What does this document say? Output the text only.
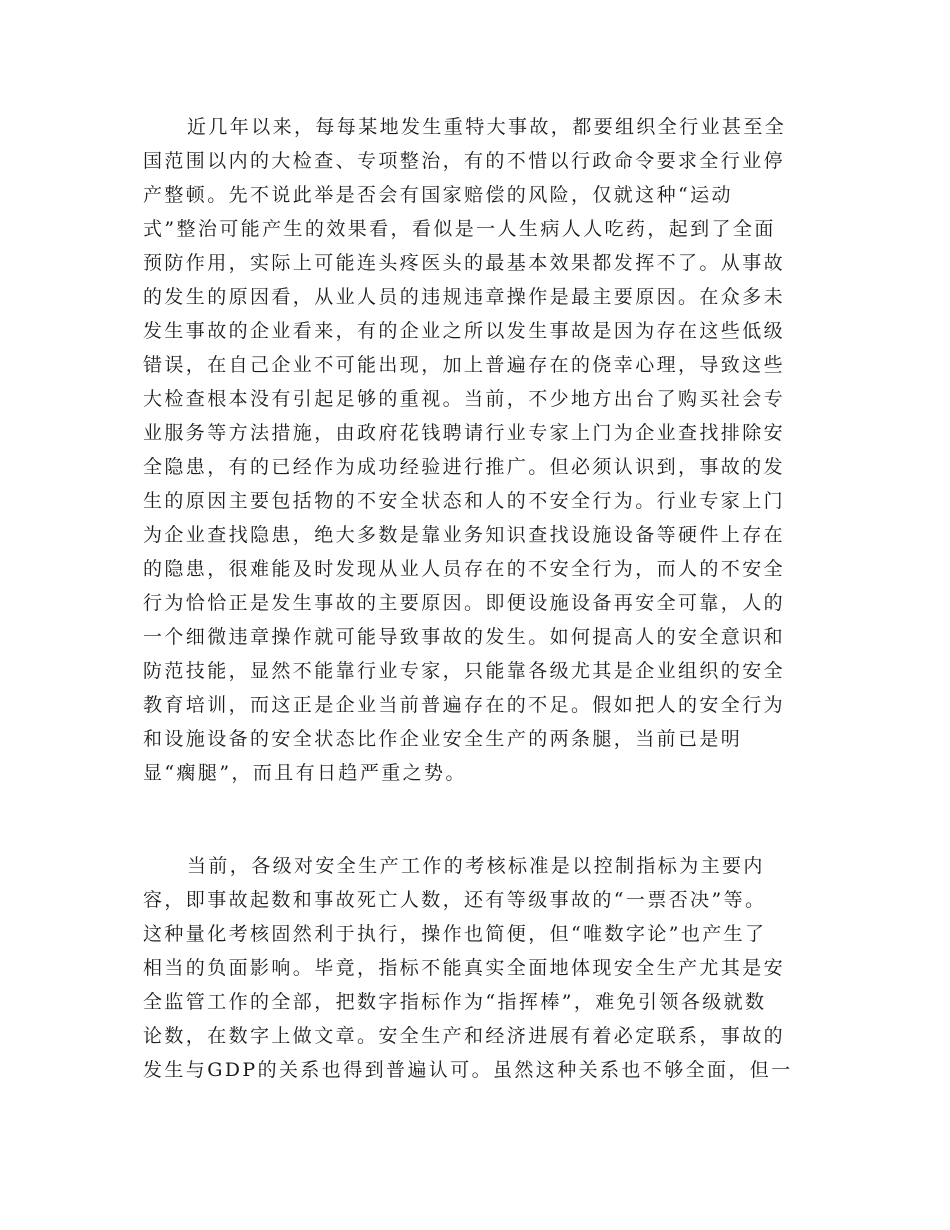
近几年以来，每每某地发生重特大事故，都要组织全行业甚至全
国范围以内的大检查、专项整治，有的不惜以行政命令要求全行业停
产整顿。先不说此举是否会有国家赔偿的风险，仅就这种“运动
式”整治可能产生的效果看，看似是一人生病人人吃药，起到了全面
预防作用，实际上可能连头疼医头的最基本效果都发挥不了。从事故
的发生的原因看，从业人员的违规违章操作是最主要原因。在众多未
发生事故的企业看来，有的企业之所以发生事故是因为存在这些低级
错误，在自己企业不可能出现，加上普遍存在的侥幸心理，导致这些
大检查根本没有引起足够的重视。当前，不少地方出台了购买社会专
业服务等方法措施，由政府花钱聘请行业专家上门为企业查找排除安
全隐患，有的已经作为成功经验进行推广。但必须认识到，事故的发
生的原因主要包括物的不安全状态和人的不安全行为。行业专家上门
为企业查找隐患，绝大多数是靠业务知识查找设施设备等硬件上存在
的隐患，很难能及时发现从业人员存在的不安全行为，而人的不安全
行为恰恰正是发生事故的主要原因。即便设施设备再安全可靠，人的
一个细微违章操作就可能导致事故的发生。如何提高人的安全意识和
防范技能，显然不能靠行业专家，只能靠各级尤其是企业组织的安全
教育培训，而这正是企业当前普遍存在的不足。假如把人的安全行为
和设施设备的安全状态比作企业安全生产的两条腿，当前已是明
显“瘸腿”，而且有日趋严重之势。
当前，各级对安全生产工作的考核标准是以控制指标为主要内
容，即事故起数和事故死亡人数，还有等级事故的“一票否决”等。
这种量化考核固然利于执行，操作也简便，但“唯数字论”也产生了
相当的负面影响。毕竟，指标不能真实全面地体现安全生产尤其是安
全监管工作的全部，把数字指标作为“指挥棒”，难免引领各级就数
论数，在数字上做文章。安全生产和经济进展有着必定联系，事故的
发生与GDP的关系也得到普遍认可。虽然这种关系也不够全面，但一
